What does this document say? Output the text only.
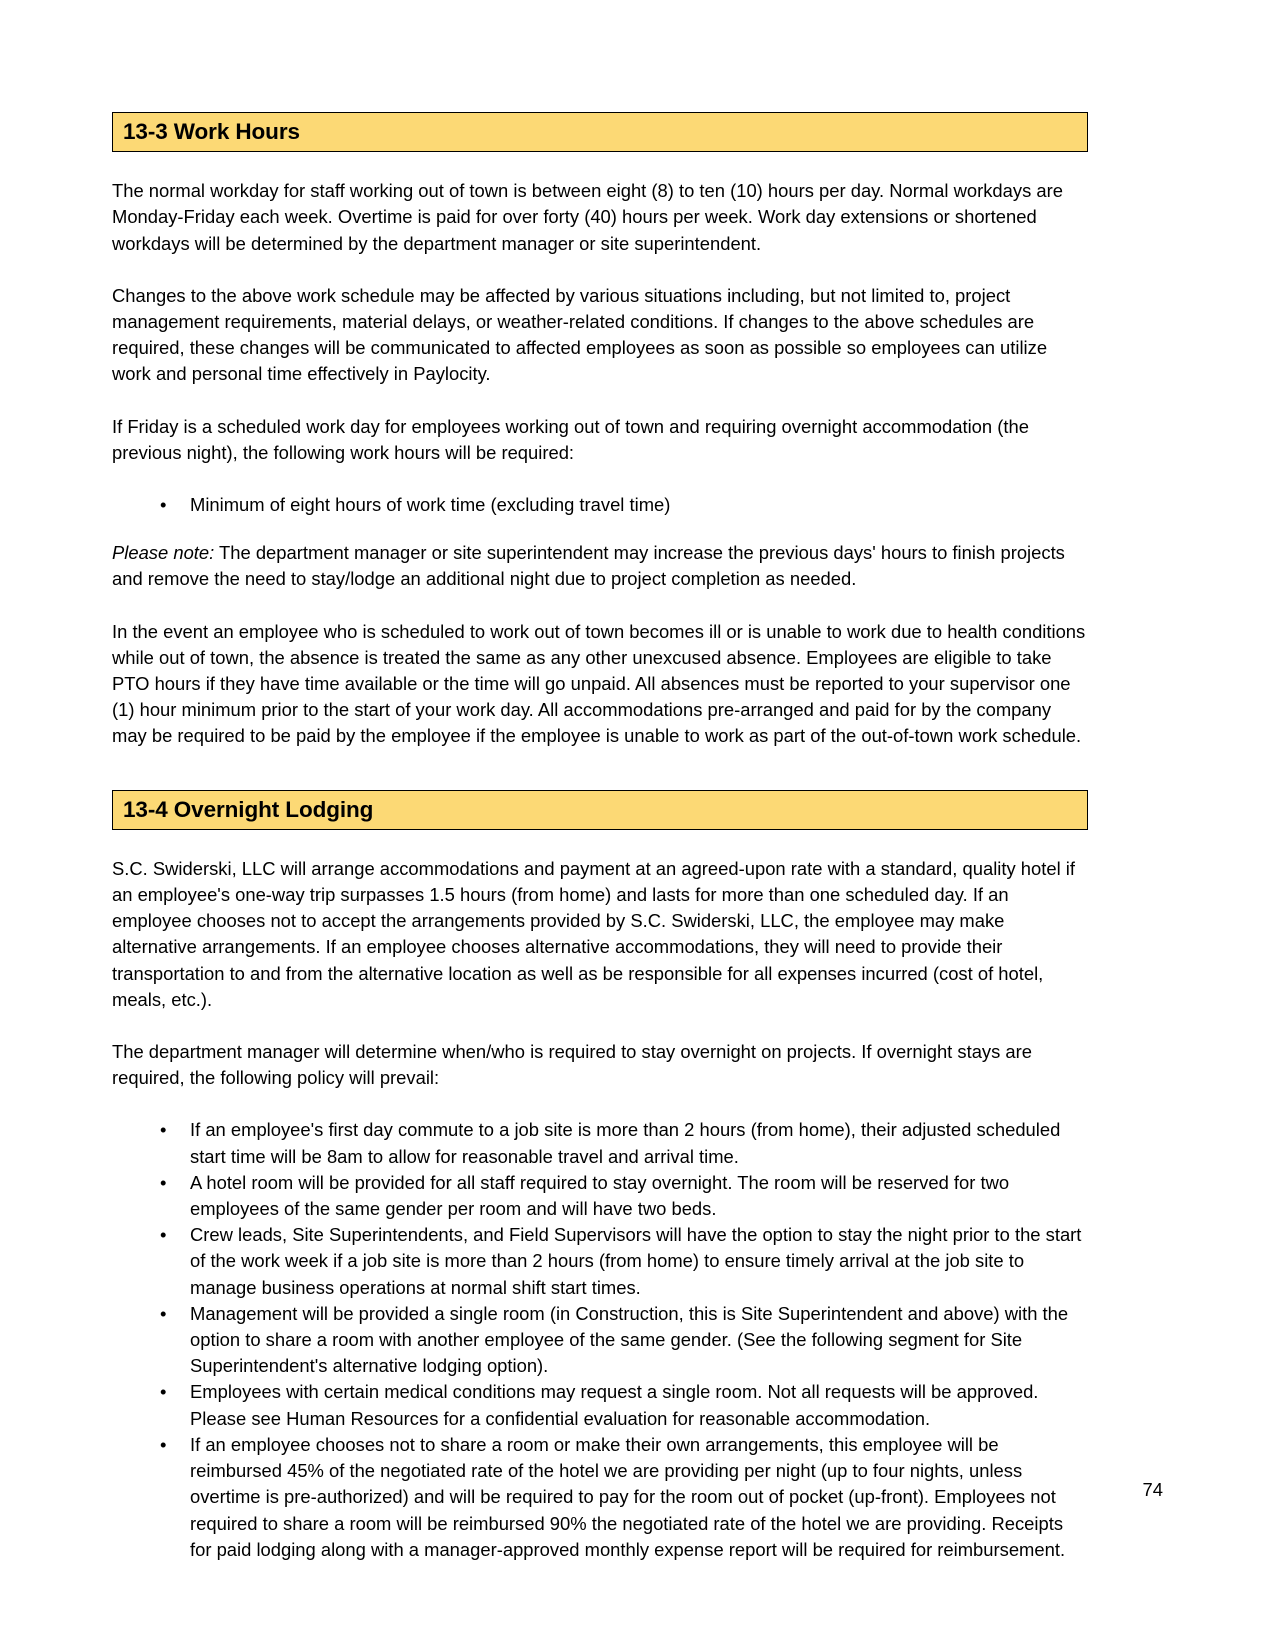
13-3 Work Hours

The normal workday for staff working out of town is between eight (8) to ten (10) hours per day. Normal workdays are Monday-Friday each week. Overtime is paid for over forty (40) hours per week. Work day extensions or shortened workdays will be determined by the department manager or site superintendent.

Changes to the above work schedule may be affected by various situations including, but not limited to, project management requirements, material delays, or weather-related conditions. If changes to the above schedules are required, these changes will be communicated to affected employees as soon as possible so employees can utilize work and personal time effectively in Paylocity.

If Friday is a scheduled work day for employees working out of town and requiring overnight accommodation (the previous night), the following work hours will be required:

• Minimum of eight hours of work time (excluding travel time)

Please note: The department manager or site superintendent may increase the previous days' hours to finish projects and remove the need to stay/lodge an additional night due to project completion as needed.

In the event an employee who is scheduled to work out of town becomes ill or is unable to work due to health conditions while out of town, the absence is treated the same as any other unexcused absence. Employees are eligible to take PTO hours if they have time available or the time will go unpaid. All absences must be reported to your supervisor one (1) hour minimum prior to the start of your work day. All accommodations pre-arranged and paid for by the company may be required to be paid by the employee if the employee is unable to work as part of the out-of-town work schedule.

13-4 Overnight Lodging

S.C. Swiderski, LLC will arrange accommodations and payment at an agreed-upon rate with a standard, quality hotel if an employee's one-way trip surpasses 1.5 hours (from home) and lasts for more than one scheduled day. If an employee chooses not to accept the arrangements provided by S.C. Swiderski, LLC, the employee may make alternative arrangements. If an employee chooses alternative accommodations, they will need to provide their transportation to and from the alternative location as well as be responsible for all expenses incurred (cost of hotel, meals, etc.).

The department manager will determine when/who is required to stay overnight on projects. If overnight stays are required, the following policy will prevail:

• If an employee's first day commute to a job site is more than 2 hours (from home), their adjusted scheduled start time will be 8am to allow for reasonable travel and arrival time.
• A hotel room will be provided for all staff required to stay overnight. The room will be reserved for two employees of the same gender per room and will have two beds.
• Crew leads, Site Superintendents, and Field Supervisors will have the option to stay the night prior to the start of the work week if a job site is more than 2 hours (from home) to ensure timely arrival at the job site to manage business operations at normal shift start times.
• Management will be provided a single room (in Construction, this is Site Superintendent and above) with the option to share a room with another employee of the same gender. (See the following segment for Site Superintendent's alternative lodging option).
• Employees with certain medical conditions may request a single room. Not all requests will be approved. Please see Human Resources for a confidential evaluation for reasonable accommodation.
• If an employee chooses not to share a room or make their own arrangements, this employee will be reimbursed 45% of the negotiated rate of the hotel we are providing per night (up to four nights, unless overtime is pre-authorized) and will be required to pay for the room out of pocket (up-front). Employees not required to share a room will be reimbursed 90% the negotiated rate of the hotel we are providing. Receipts for paid lodging along with a manager-approved monthly expense report will be required for reimbursement.
74
